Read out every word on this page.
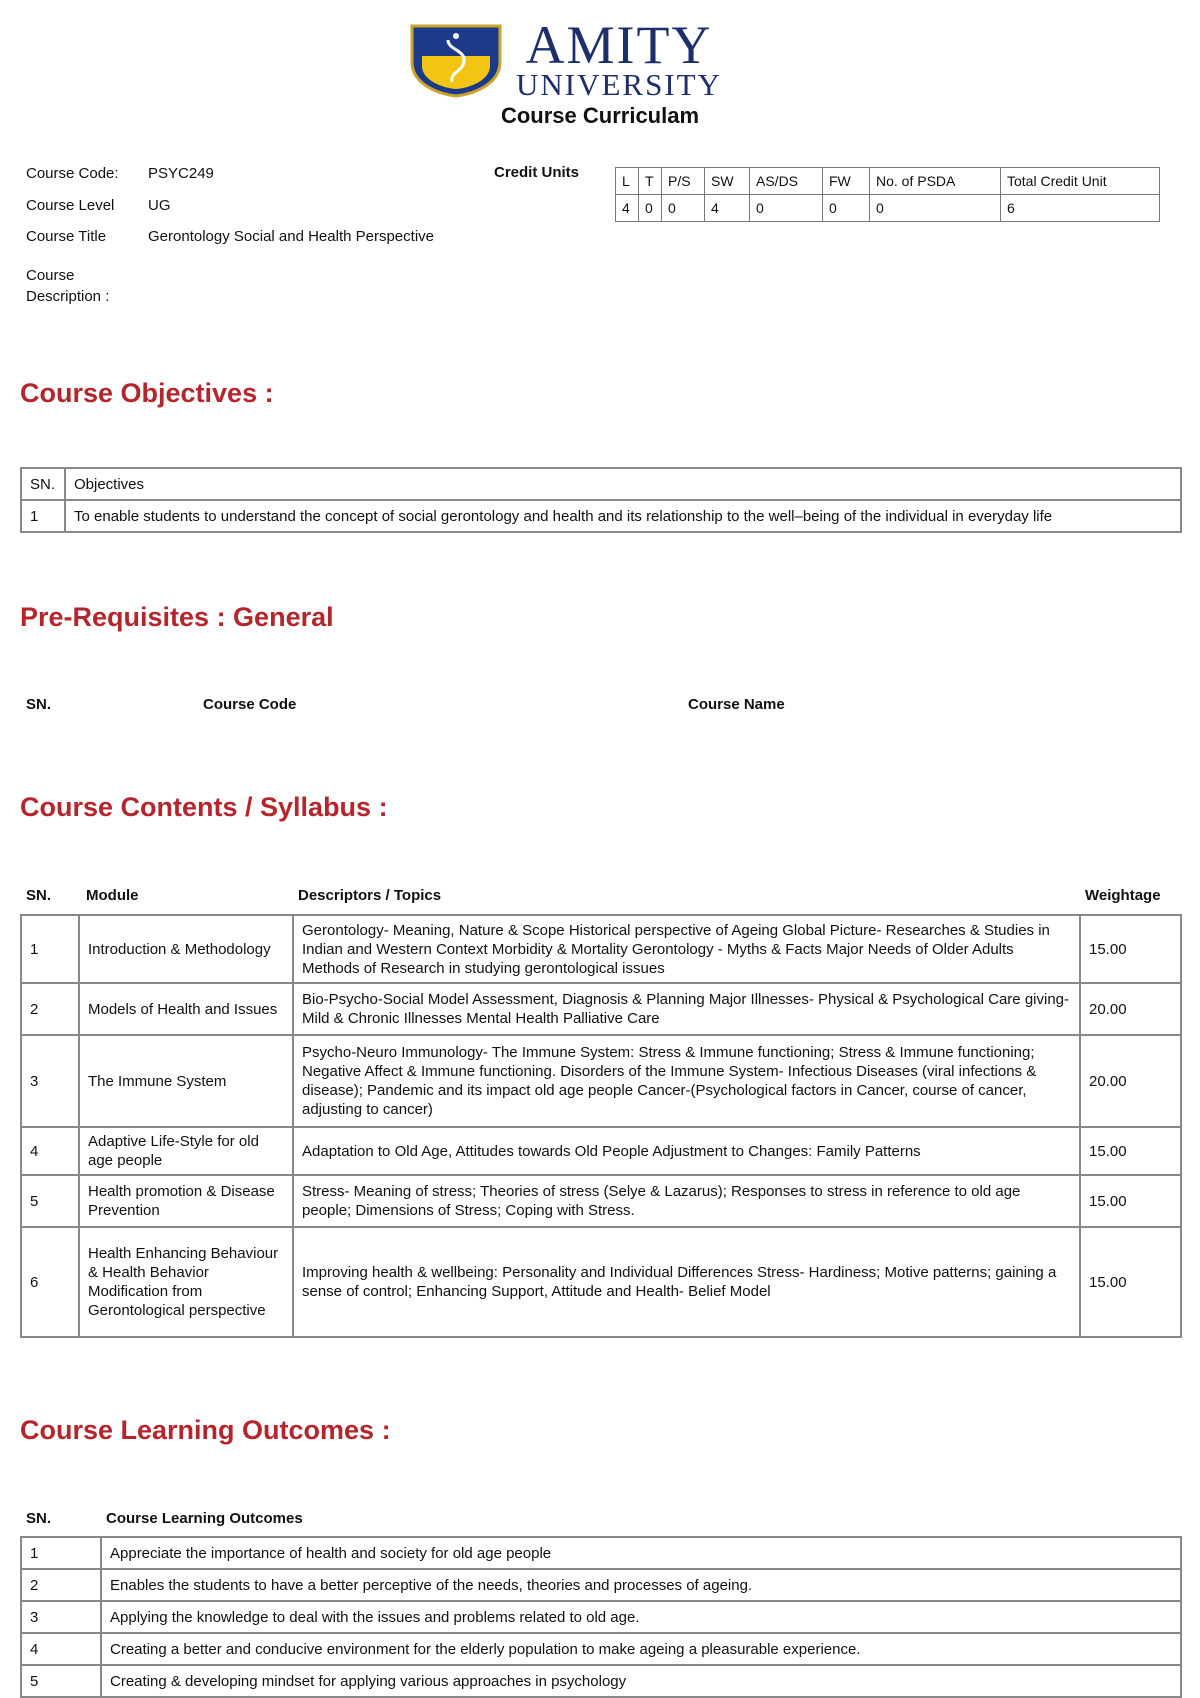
AMITY
UNIVERSITY
Course Curriculam
Course Code: PSYC249
Course Level UG
Course Title	Gerontology Social and Health Perspective
Course
Description :
Credit Units	L	T	P/S	SW	AS/DS	FW	No. of PSDA	Total Credit Unit
4	0	0	4	0	0	0	6
Course Objectives :
SN.	Objectives
1	To enable students to understand the concept of social gerontology and health and its relationship to the well–being of the individual in everyday life
Pre-Requisites : General
SN.	Course Code	Course Name
Course Contents / Syllabus :
SN. Module	Descriptors / Topics	Weightage
1	Introduction & Methodology	Gerontology- Meaning, Nature & Scope Historical perspective of Ageing Global Picture- Researches & Studies in Indian and Western Context Morbidity & Mortality Gerontology - Myths & Facts Major Needs of Older Adults Methods of Research in studying gerontological issues	15.00
2	Models of Health and Issues	Bio-Psycho-Social Model Assessment, Diagnosis & Planning Major Illnesses- Physical & Psychological Care giving- Mild & Chronic Illnesses Mental Health Palliative Care	20.00
3	The Immune System	Psycho-Neuro Immunology- The Immune System: Stress & Immune functioning; Stress & Immune functioning; Negative Affect & Immune functioning. Disorders of the Immune System- Infectious Diseases (viral infections & disease); Pandemic and its impact old age people Cancer-(Psychological factors in Cancer, course of cancer, adjusting to cancer)	20.00
4	Adaptive Life-Style for old age people	Adaptation to Old Age, Attitudes towards Old People Adjustment to Changes: Family Patterns	15.00
5	Health promotion & Disease Prevention	Stress- Meaning of stress; Theories of stress (Selye & Lazarus); Responses to stress in reference to old age people; Dimensions of Stress; Coping with Stress.	15.00
6	Health Enhancing Behaviour & Health Behavior Modification from Gerontological perspective	Improving health & wellbeing: Personality and Individual Differences Stress- Hardiness; Motive patterns; gaining a sense of control; Enhancing Support, Attitude and Health- Belief Model	15.00
Course Learning Outcomes :
SN.	Course Learning Outcomes
1	Appreciate the importance of health and society for old age people
2	Enables the students to have a better perceptive of the needs, theories and processes of ageing.
3	Applying the knowledge to deal with the issues and problems related to old age.
4	Creating a better and conducive environment for the elderly population to make ageing a pleasurable experience.
5	Creating & developing mindset for applying various approaches in psychology
